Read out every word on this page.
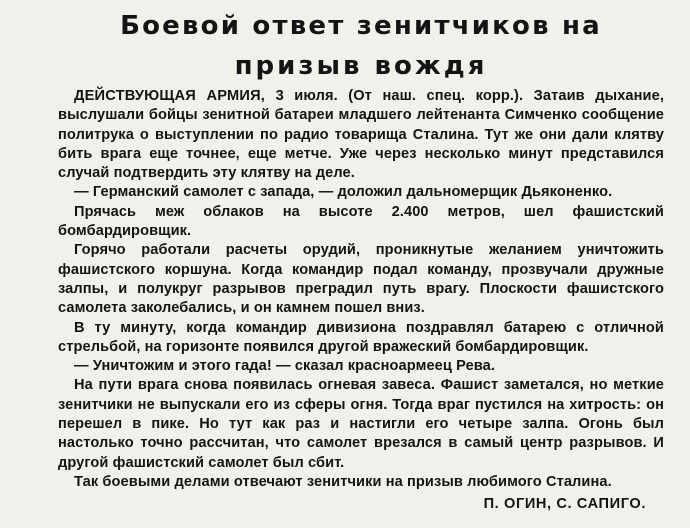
Боевой ответ зенитчиков на
призыв вождя

ДЕЙСТВУЮЩАЯ АРМИЯ, 3 июля. (От наш. спец. корр.). Затаив дыхание, выслушали бойцы зенитной батареи младшего лейтенанта Симченко сообщение политрука о выступлении по радио товарища Сталина. Тут же они дали клятву бить врага еще точнее, еще метче. Уже через несколько минут представился случай подтвердить эту клятву на деле.

— Германский самолет с запада, — доложил дальномерщик Дьяконенко.

Прячась меж облаков на высоте 2.400 метров, шел фашистский бомбардировщик.

Горячо работали расчеты орудий, проникнутые желанием уничтожить фашистского коршуна. Когда командир подал команду, прозвучали дружные залпы, и полукруг разрывов преградил путь врагу. Плоскости фашистского самолета заколебались, и он камнем пошел вниз.

В ту минуту, когда командир дивизиона поздравлял батарею с отличной стрельбой, на горизонте появился другой вражеский бомбардировщик.

— Уничтожим и этого гада! — сказал красноармеец Рева.

На пути врага снова появилась огневая завеса. Фашист заметался, но меткие зенитчики не выпускали его из сферы огня. Тогда враг пустился на хитрость: он перешел в пике. Но тут как раз и настигли его четыре залпа. Огонь был настолько точно рассчитан, что самолет врезался в самый центр разрывов. И другой фашистский самолет был сбит.

Так боевыми делами отвечают зенитчики на призыв любимого Сталина.

П. ОГИН, С. САПИГО.
